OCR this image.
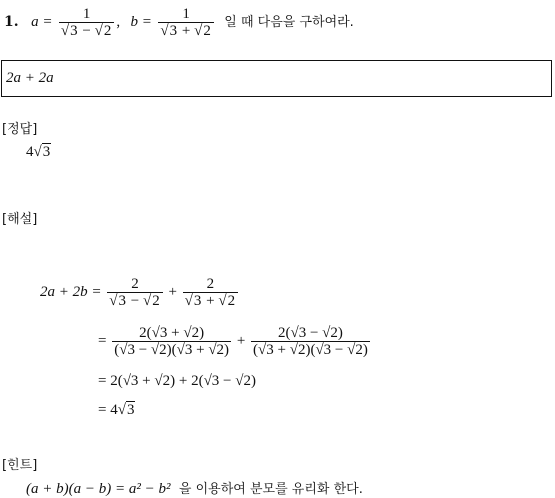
1. $a = \frac{1}{√3 - √2}$ , $b = \frac{1}{√3 + √2}$ 일 때 다음을 구하여라.
2a + 2a
[정답]
4√3
[해설]
$2a + 2b = \frac{2}{√3 - √2} + \frac{2}{√3 + √2}$
= $\frac{2(√3 + √2)}{(√3 - √2)(√3 + √2)} + \frac{2(√3 - √2)}{(√3 + √2)(√3 - √2)}$
= 2(√3 + √2) + 2(√3 − √2)
= 4√3
[힌트]
(a + b)(a − b) = a² − b² 을 이용하여 분모를 유리화 한다.
